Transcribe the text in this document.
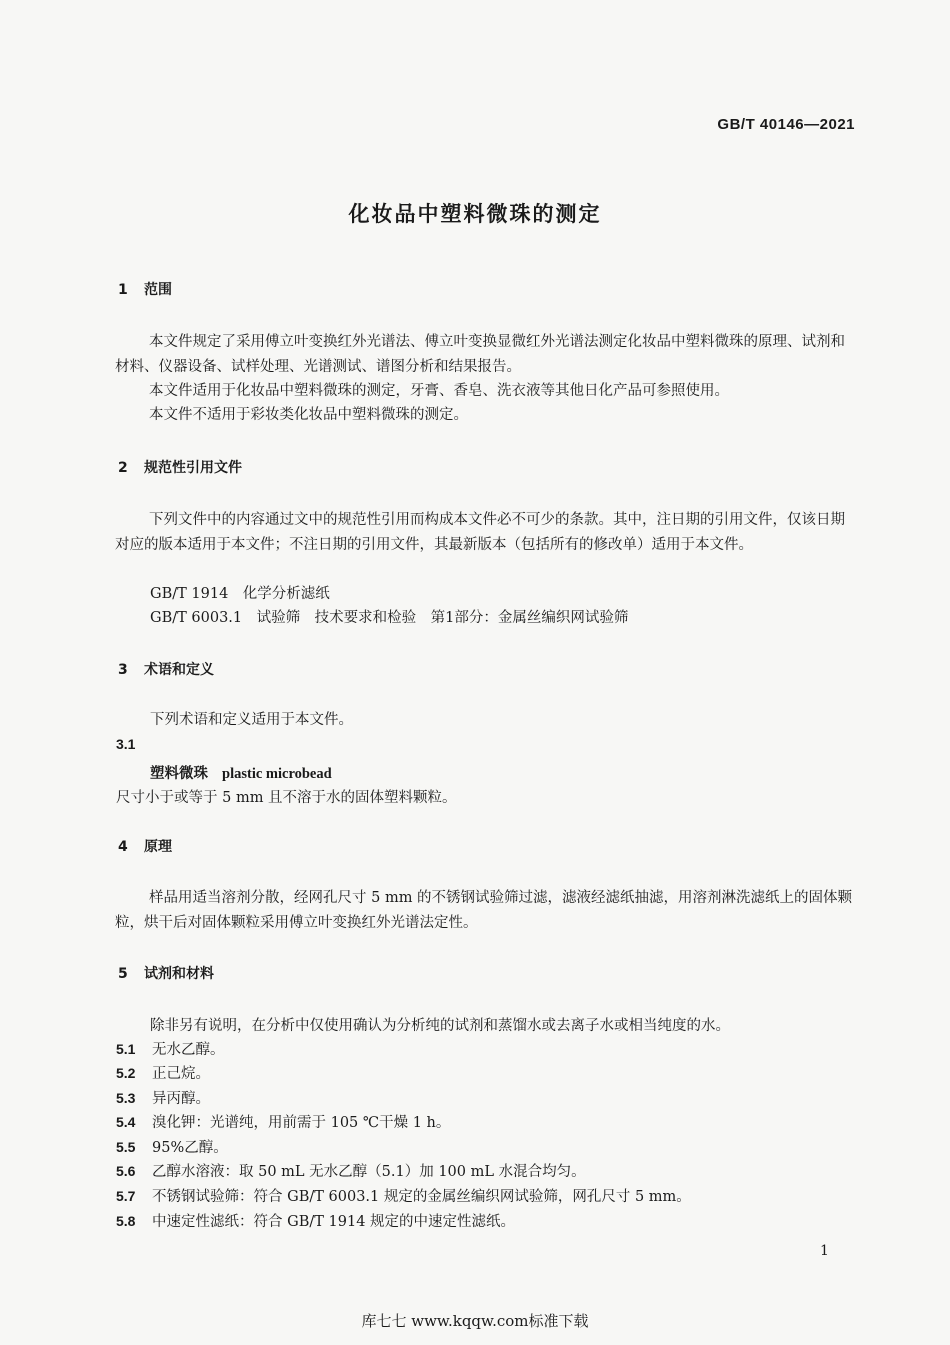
GB/T 40146—2021
化妆品中塑料微珠的测定
1 范围
本文件规定了采用傅立叶变换红外光谱法、傅立叶变换显微红外光谱法测定化妆品中塑料微珠的原理、试剂和材料、仪器设备、试样处理、光谱测试、谱图分析和结果报告。
本文件适用于化妆品中塑料微珠的测定，牙膏、香皂、洗衣液等其他日化产品可参照使用。
本文件不适用于彩妆类化妆品中塑料微珠的测定。
2 规范性引用文件
下列文件中的内容通过文中的规范性引用而构成本文件必不可少的条款。其中，注日期的引用文件，仅该日期对应的版本适用于本文件；不注日期的引用文件，其最新版本（包括所有的修改单）适用于本文件。
GB/T 1914　化学分析滤纸
GB/T 6003.1　试验筛　技术要求和检验　第1部分：金属丝编织网试验筛
3 术语和定义
下列术语和定义适用于本文件。
3.1
塑料微珠 plastic microbead
尺寸小于或等于 5 mm 且不溶于水的固体塑料颗粒。
4 原理
样品用适当溶剂分散，经网孔尺寸 5 mm 的不锈钢试验筛过滤，滤液经滤纸抽滤，用溶剂淋洗滤纸上的固体颗粒，烘干后对固体颗粒采用傅立叶变换红外光谱法定性。
5 试剂和材料
除非另有说明，在分析中仅使用确认为分析纯的试剂和蒸馏水或去离子水或相当纯度的水。
5.1 无水乙醇。
5.2 正己烷。
5.3 异丙醇。
5.4 溴化钾：光谱纯，用前需于 105 ℃干燥 1 h。
5.5 95%乙醇。
5.6 乙醇水溶液：取 50 mL 无水乙醇（5.1）加 100 mL 水混合均匀。
5.7 不锈钢试验筛：符合 GB/T 6003.1 规定的金属丝编织网试验筛，网孔尺寸 5 mm。
5.8 中速定性滤纸：符合 GB/T 1914 规定的中速定性滤纸。
1
库七七 www.kqqw.com标准下载
